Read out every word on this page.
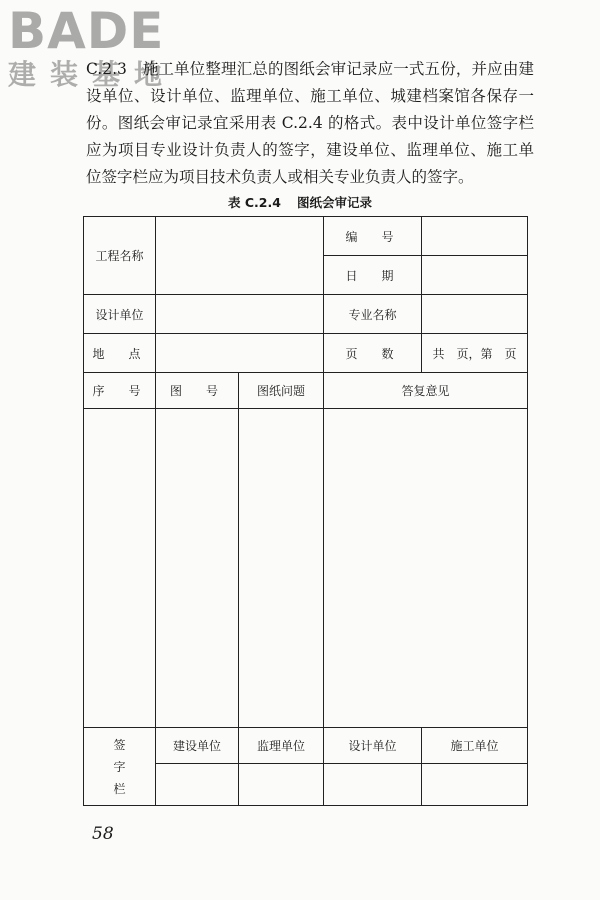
BADE
建装基地
C.2.3　施工单位整理汇总的图纸会审记录应一式五份，并应由建设单位、设计单位、监理单位、施工单位、城建档案馆各保存一份。图纸会审记录宜采用表 C.2.4 的格式。表中设计单位签字栏应为项目专业设计负责人的签字，建设单位、监理单位、施工单位签字栏应为项目技术负责人或相关专业负责人的签字。
表 C.2.4 图纸会审记录
工程名称			编　号	
			日　期	
设计单位			专业名称	
地　点			页　数	共　页，第　页
序　号	图　号	图纸问题	答复意见	

签
字
栏	建设单位	监理单位	设计单位	施工单位

58
